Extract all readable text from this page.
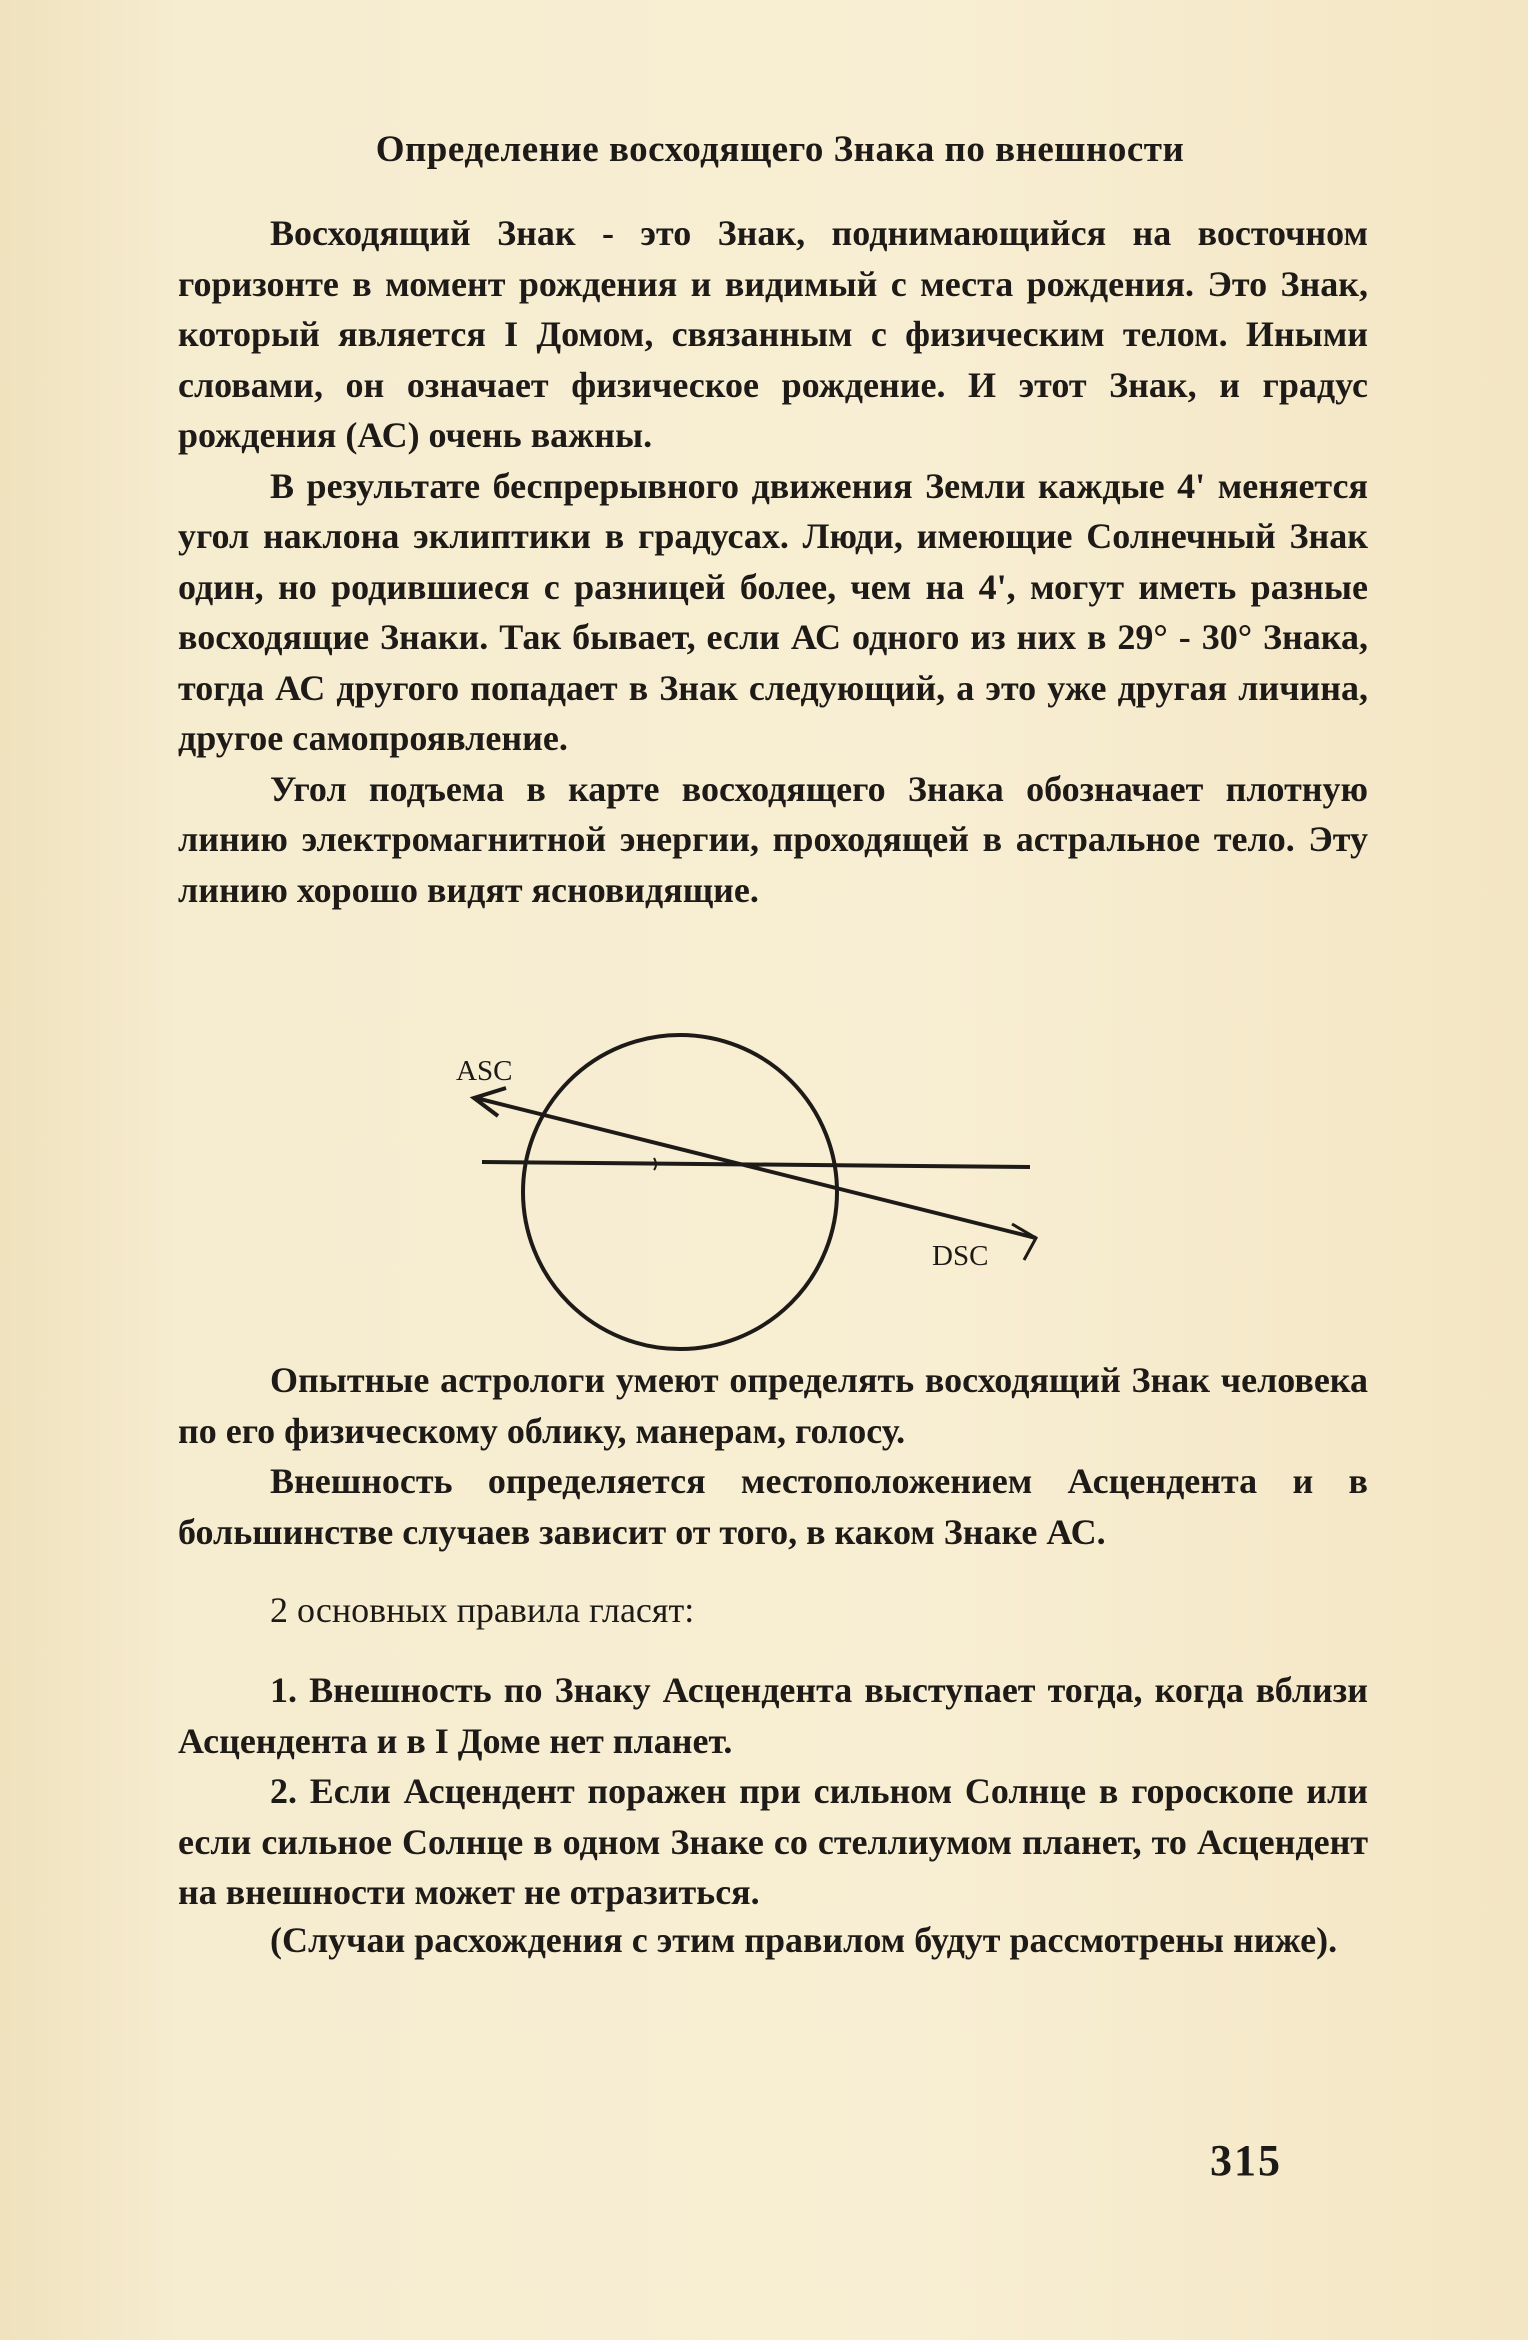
Определение восходящего Знака по внешности

Восходящий Знак - это Знак, поднимающийся на восточном горизонте в момент рождения и видимый с места рождения. Это Знак, который является I Домом, связанным с физическим телом. Иными словами, он означает физическое рождение. И этот Знак, и градус рождения (АС) очень важны.

В результате беспрерывного движения Земли каждые 4' меняется угол наклона эклиптики в градусах. Люди, имеющие Солнечный Знак один, но родившиеся с разницей более, чем на 4', могут иметь разные восходящие Знаки. Так бывает, если АС одного из них в 29° - 30° Знака, тогда АС другого попадает в Знак следующий, а это уже другая личина, другое самопроявление.

Угол подъема в карте восходящего Знака обозначает плотную линию электромагнитной энергии, проходящей в астральное тело. Эту линию хорошо видят ясновидящие.

ASC
DSC

Опытные астрологи умеют определять восходящий Знак человека по его физическому облику, манерам, голосу.

Внешность определяется местоположением Асцендента и в большинстве случаев зависит от того, в каком Знаке АС.

2 основных правила гласят:

1. Внешность по Знаку Асцендента выступает тогда, когда вблизи Асцендента и в I Доме нет планет.

2. Если Асцендент поражен при сильном Солнце в гороскопе или если сильное Солнце в одном Знаке со стеллиумом планет, то Асцендент на внешности может не отразиться.

(Случаи расхождения с этим правилом будут рассмотрены ниже).

315
